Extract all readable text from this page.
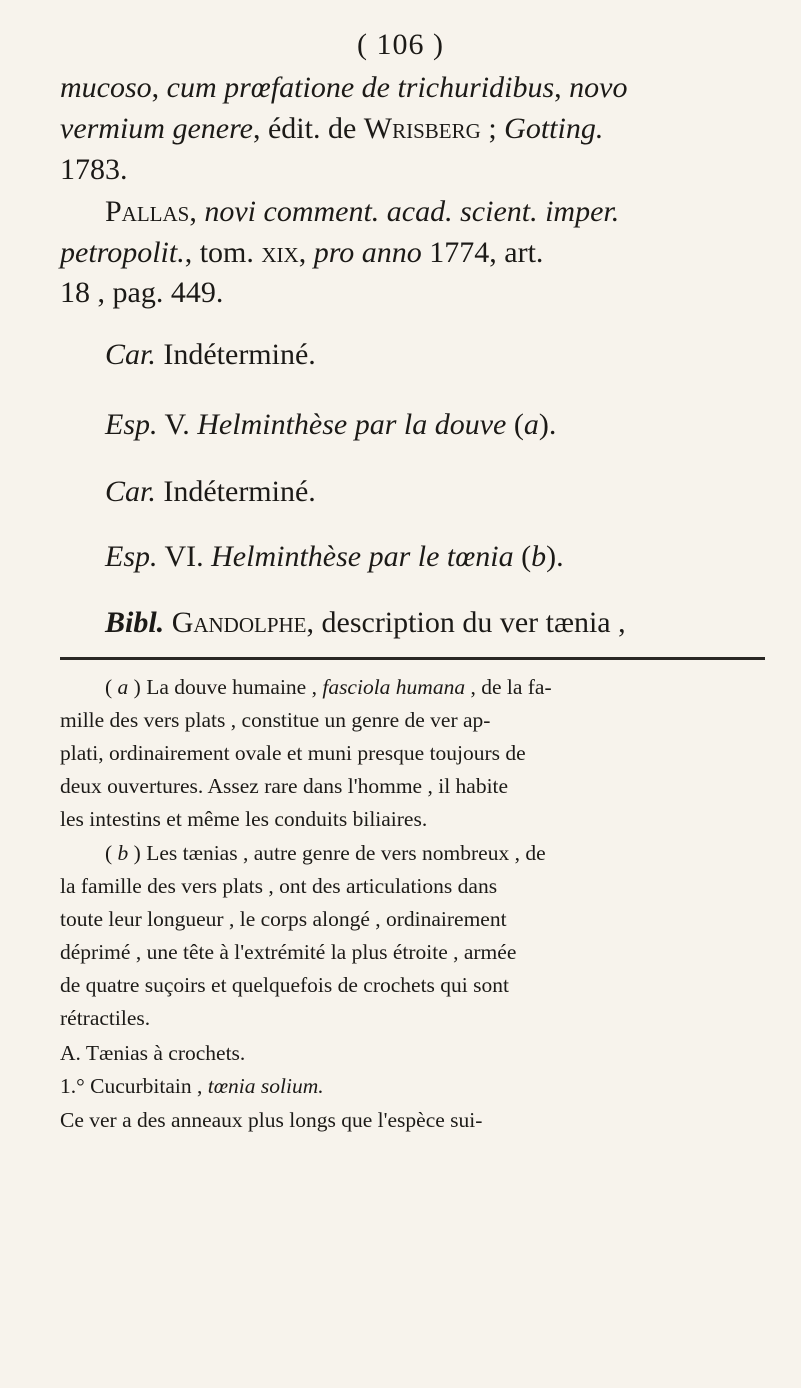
( 106 )
mucoso, cum prœfatione de trichuridibus, novo
vermium genere, édit. de Wrisberg ; Gotting.
1783.
Pallas, novi comment. acad. scient. imper.
petropolit., tom. xix, pro anno 1774, art.
18 , pag. 449.
Car. Indéterminé.
Esp. V. Helminthèse par la douve (a).
Car. Indéterminé.
Esp. VI. Helminthèse par le tœnia (b).
Bibl. Gandolphe, description du ver tænia ,
( a ) La douve humaine , fasciola humana , de la fa-
mille des vers plats , constitue un genre de ver ap-
plati, ordinairement ovale et muni presque toujours de
deux ouvertures. Assez rare dans l'homme , il habite
les intestins et même les conduits biliaires.
( b ) Les tænias , autre genre de vers nombreux , de
la famille des vers plats , ont des articulations dans
toute leur longueur , le corps alongé , ordinairement
déprimé , une tête à l'extrémité la plus étroite , armée
de quatre suçoirs et quelquefois de crochets qui sont
rétractiles.
A. Tænias à crochets.
1.° Cucurbitain , tœnia solium.
Ce ver a des anneaux plus longs que l'espèce sui-
